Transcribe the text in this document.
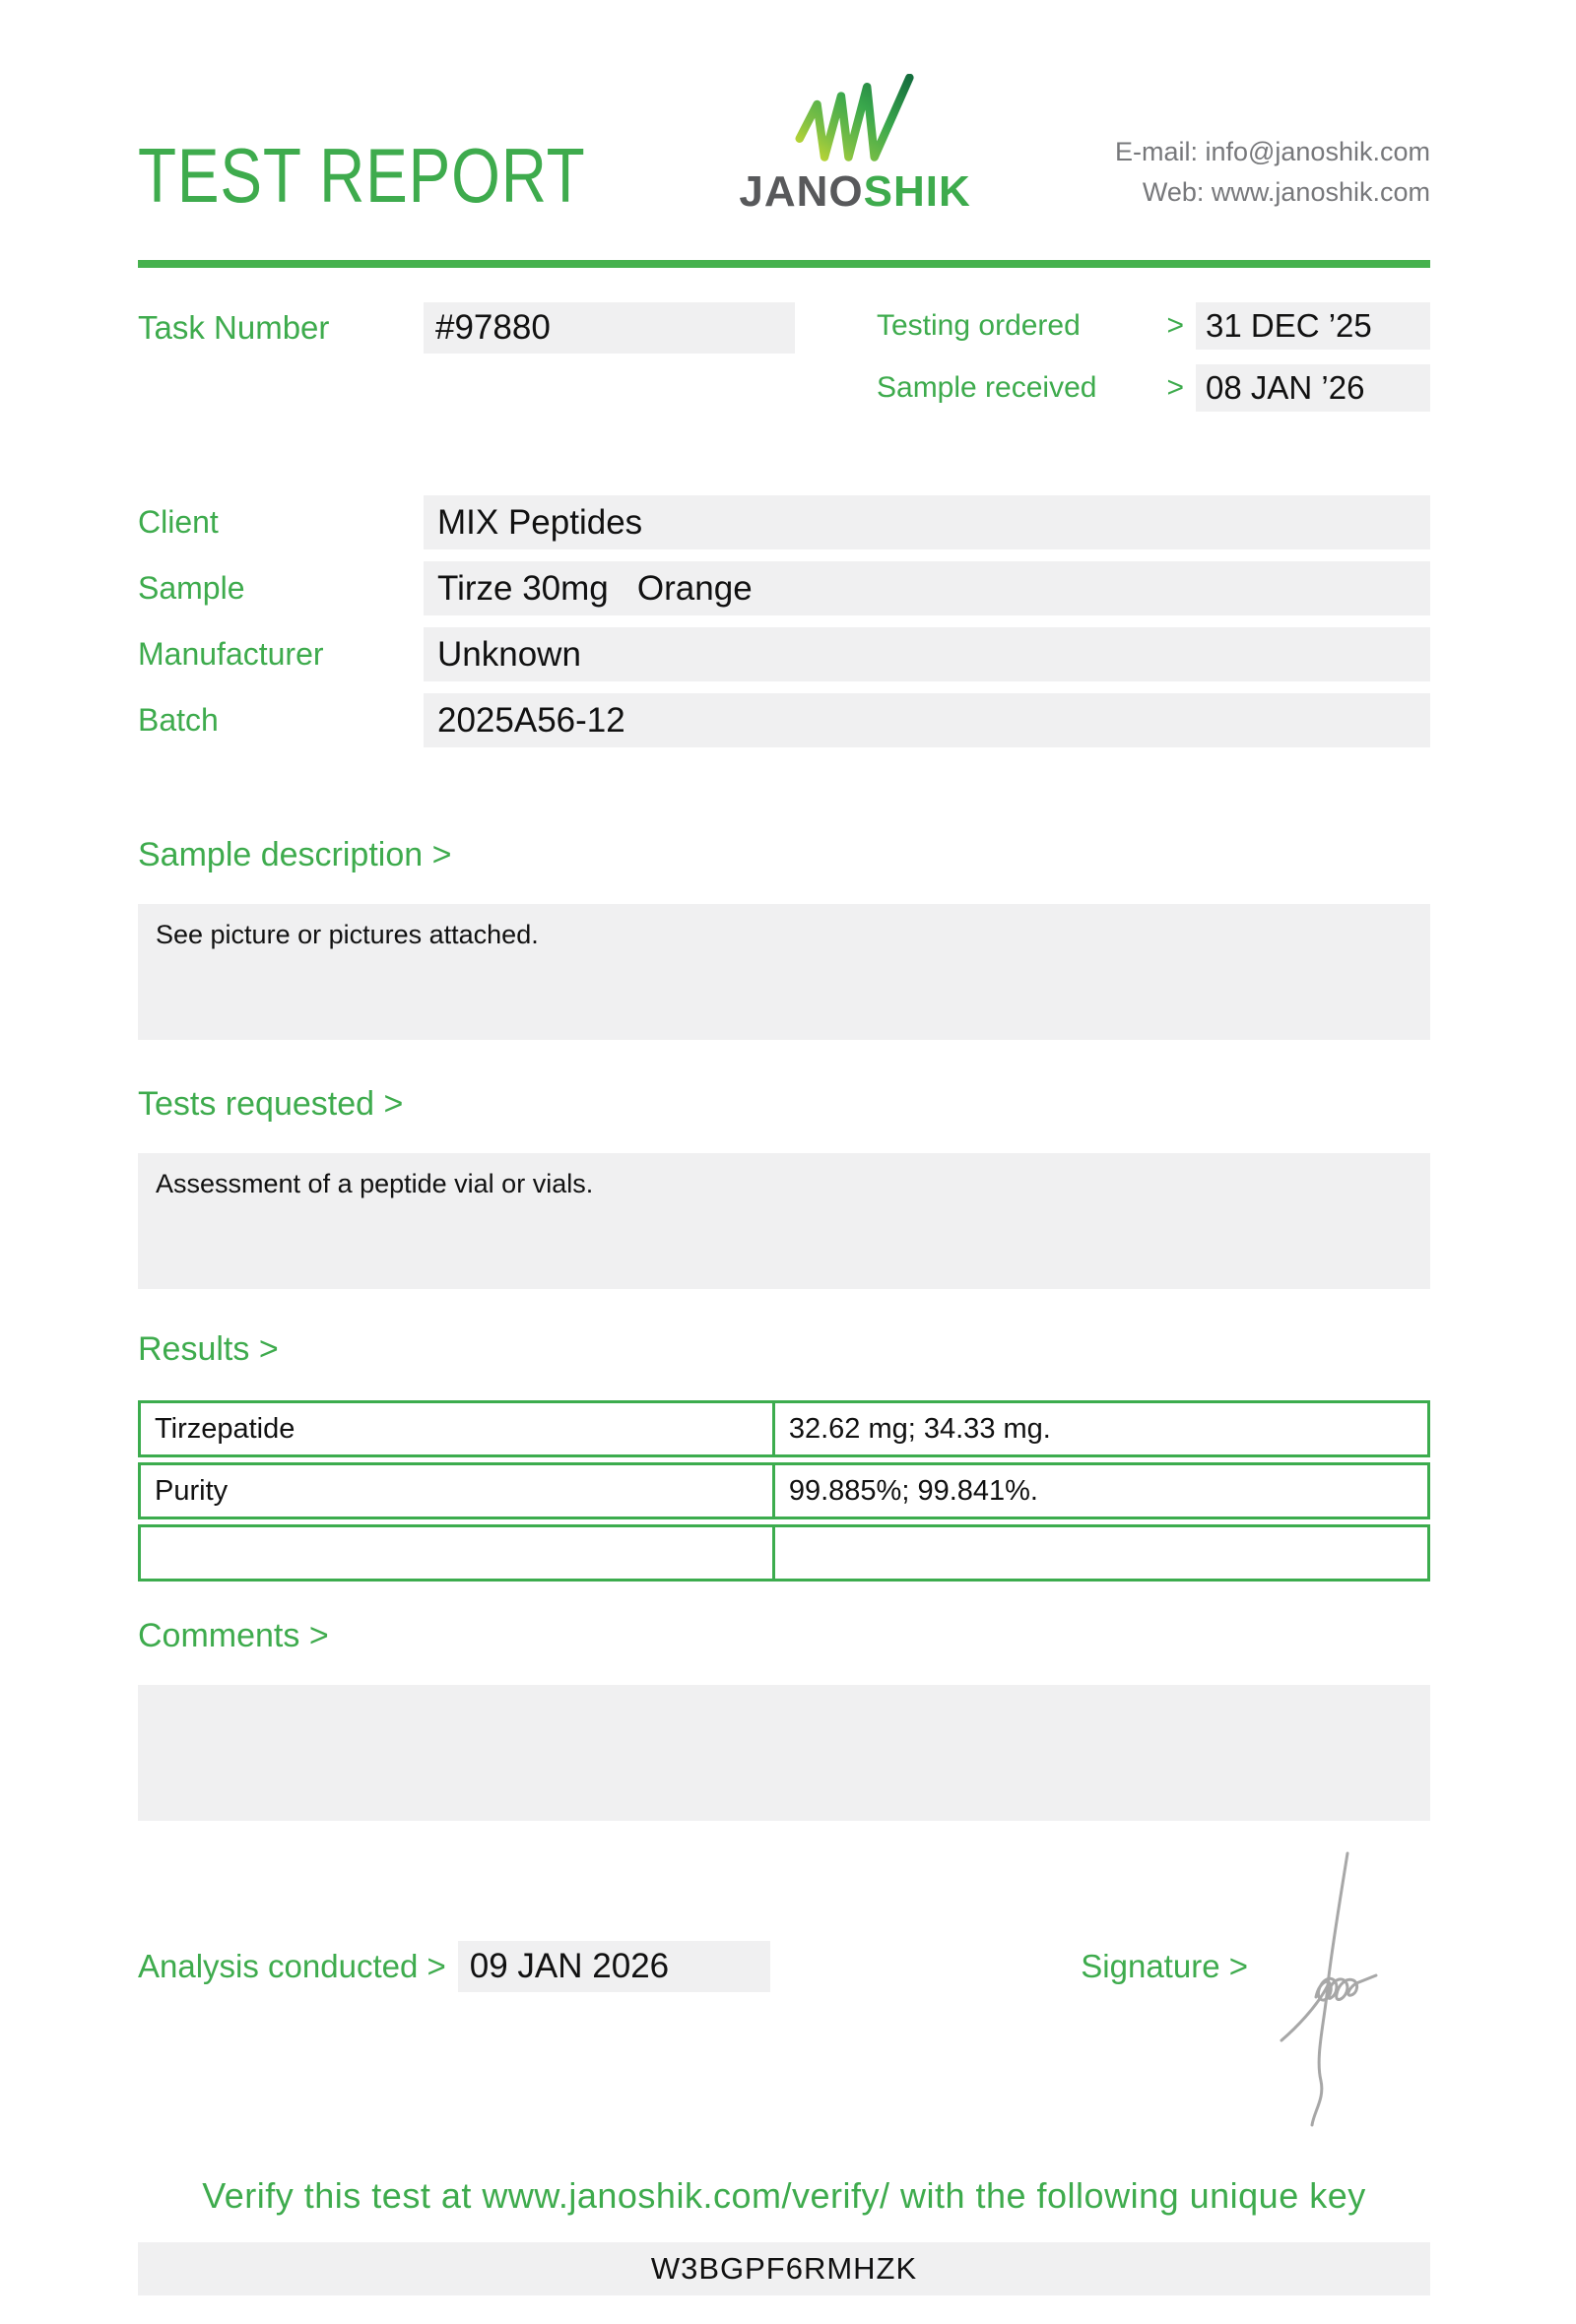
TEST REPORT	JANOSHIK
E-mail: info@janoshik.com
Web: www.janoshik.com
Task Number	#97880	Testing ordered	> 31 DEC ’25
Sample received > 08 JAN ’26
Client	MIX Peptides
Sample	Tirze 30mg   Orange
Manufacturer	Unknown
Batch	2025A56-12
Sample description >
See picture or pictures attached.
Tests requested >
Assessment of a peptide vial or vials.
Results >
Tirzepatide	32.62 mg; 34.33 mg.
Purity	99.885%; 99.841%.
Comments >
Analysis conducted > 09 JAN 2026	Signature >
Verify this test at www.janoshik.com/verify/ with the following unique key
W3BGPF6RMHZK
